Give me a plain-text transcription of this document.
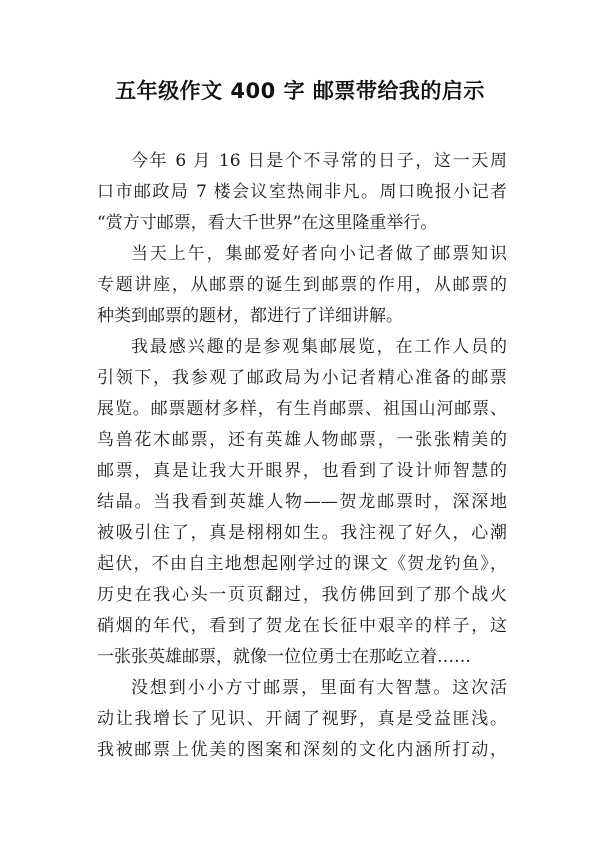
五年级作文 400 字 邮票带给我的启示
今年 6 月 16 日是个不寻常的日子，这一天周
口市邮政局 7 楼会议室热闹非凡。周口晚报小记者
“赏方寸邮票，看大千世界”在这里隆重举行。
当天上午，集邮爱好者向小记者做了邮票知识
专题讲座，从邮票的诞生到邮票的作用，从邮票的
种类到邮票的题材，都进行了详细讲解。
我最感兴趣的是参观集邮展览，在工作人员的
引领下，我参观了邮政局为小记者精心准备的邮票
展览。邮票题材多样，有生肖邮票、祖国山河邮票、
鸟兽花木邮票，还有英雄人物邮票，一张张精美的
邮票，真是让我大开眼界，也看到了设计师智慧的
结晶。当我看到英雄人物——贺龙邮票时，深深地
被吸引住了，真是栩栩如生。我注视了好久，心潮
起伏，不由自主地想起刚学过的课文《贺龙钓鱼》，
历史在我心头一页页翻过，我仿佛回到了那个战火
硝烟的年代，看到了贺龙在长征中艰辛的样子，这
一张张英雄邮票，就像一位位勇士在那屹立着……
没想到小小方寸邮票，里面有大智慧。这次活
动让我增长了见识、开阔了视野，真是受益匪浅。
我被邮票上优美的图案和深刻的文化内涵所打动，
